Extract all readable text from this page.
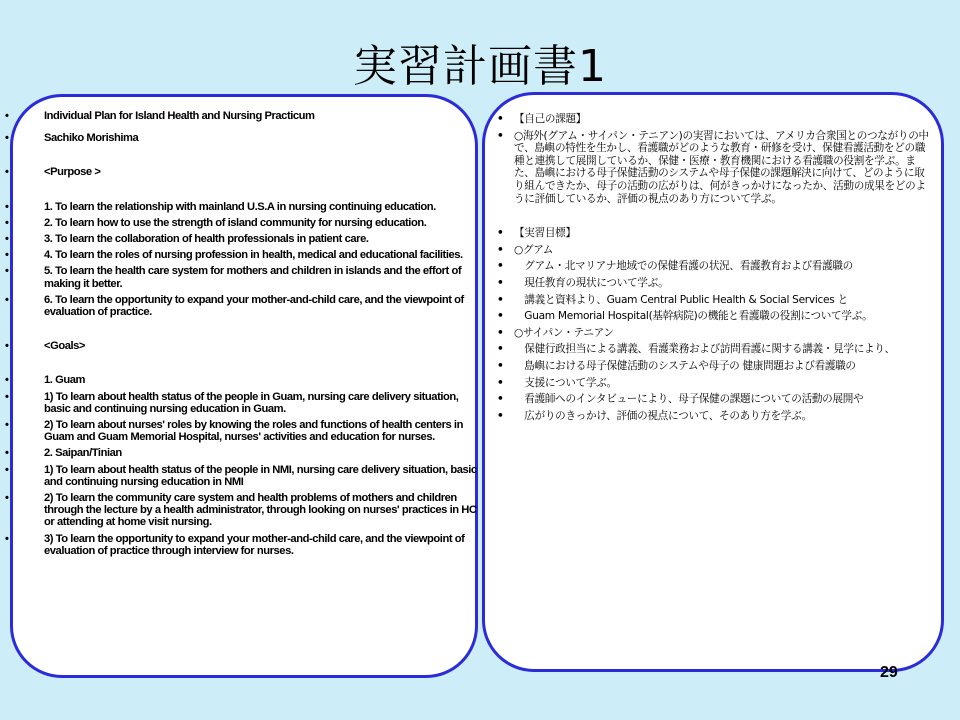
実習計画書1
• Individual Plan for Island Health and Nursing Practicum
• Sachiko Morishima
• <Purpose >
• 1. To learn the relationship with mainland U.S.A in nursing continuing education.
• 2. To learn how to use the strength of island community for nursing education.
• 3. To learn the collaboration of health professionals in patient care.
• 4. To learn the roles of nursing profession in health, medical and educational facilities.
• 5. To learn the health care system for mothers and children in islands and the effort of making it better.
• 6. To learn the opportunity to expand your mother-and-child care, and the viewpoint of evaluation of practice.
• <Goals>
• 1. Guam
• 1) To learn about health status of the people in Guam, nursing care delivery situation, basic and continuing nursing education in Guam.
• 2) To learn about nurses' roles by knowing the roles and functions of health centers in Guam and Guam Memorial Hospital, nurses' activities and education for nurses.
• 2. Saipan/Tinian
• 1) To learn about health status of the people in NMI, nursing care delivery situation, basic and continuing nursing education in NMI
• 2) To learn the community care system and health problems of mothers and children through the lecture by a health administrator, through looking on nurses' practices in HC or attending at home visit nursing.
• 3) To learn the opportunity to expand your mother-and-child care, and the viewpoint of evaluation of practice through interview for nurses.
• 【自己の課題】
• ○海外(グアム・サイパン・テニアン)の実習においては、アメリカ合衆国とのつながりの中で、島嶼の特性を生かし、看護職がどのような教育・研修を受け、保健看護活動をどの職種と連携して展開しているか、保健・医療・教育機関における看護職の役割を学ぶ。また、島嶼における母子保健活動のシステムや母子保健の課題解決に向けて、どのように取り組んできたか、母子の活動の広がりは、何がきっかけになったか、活動の成果をどのように評価しているか、評価の視点のあり方について学ぶ。
• 【実習目標】
• ○グアム
• 　グアム・北マリアナ地域での保健看護の状況、看護教育および看護職の
• 　現任教育の現状について学ぶ。
• 　講義と資料より、Guam Central Public Health & Social Services と
• 　Guam Memorial Hospital(基幹病院)の機能と看護職の役割について学ぶ。
• ○サイパン・テニアン
• 　保健行政担当による講義、看護業務および訪問看護に関する講義・見学により、
• 　島嶼における母子保健活動のシステムや母子の 健康問題および看護職の
• 　支援について学ぶ。
• 　看護師へのインタビューにより、母子保健の課題についての活動の展開や
• 　広がりのきっかけ、評価の視点について、そのあり方を学ぶ。
29
